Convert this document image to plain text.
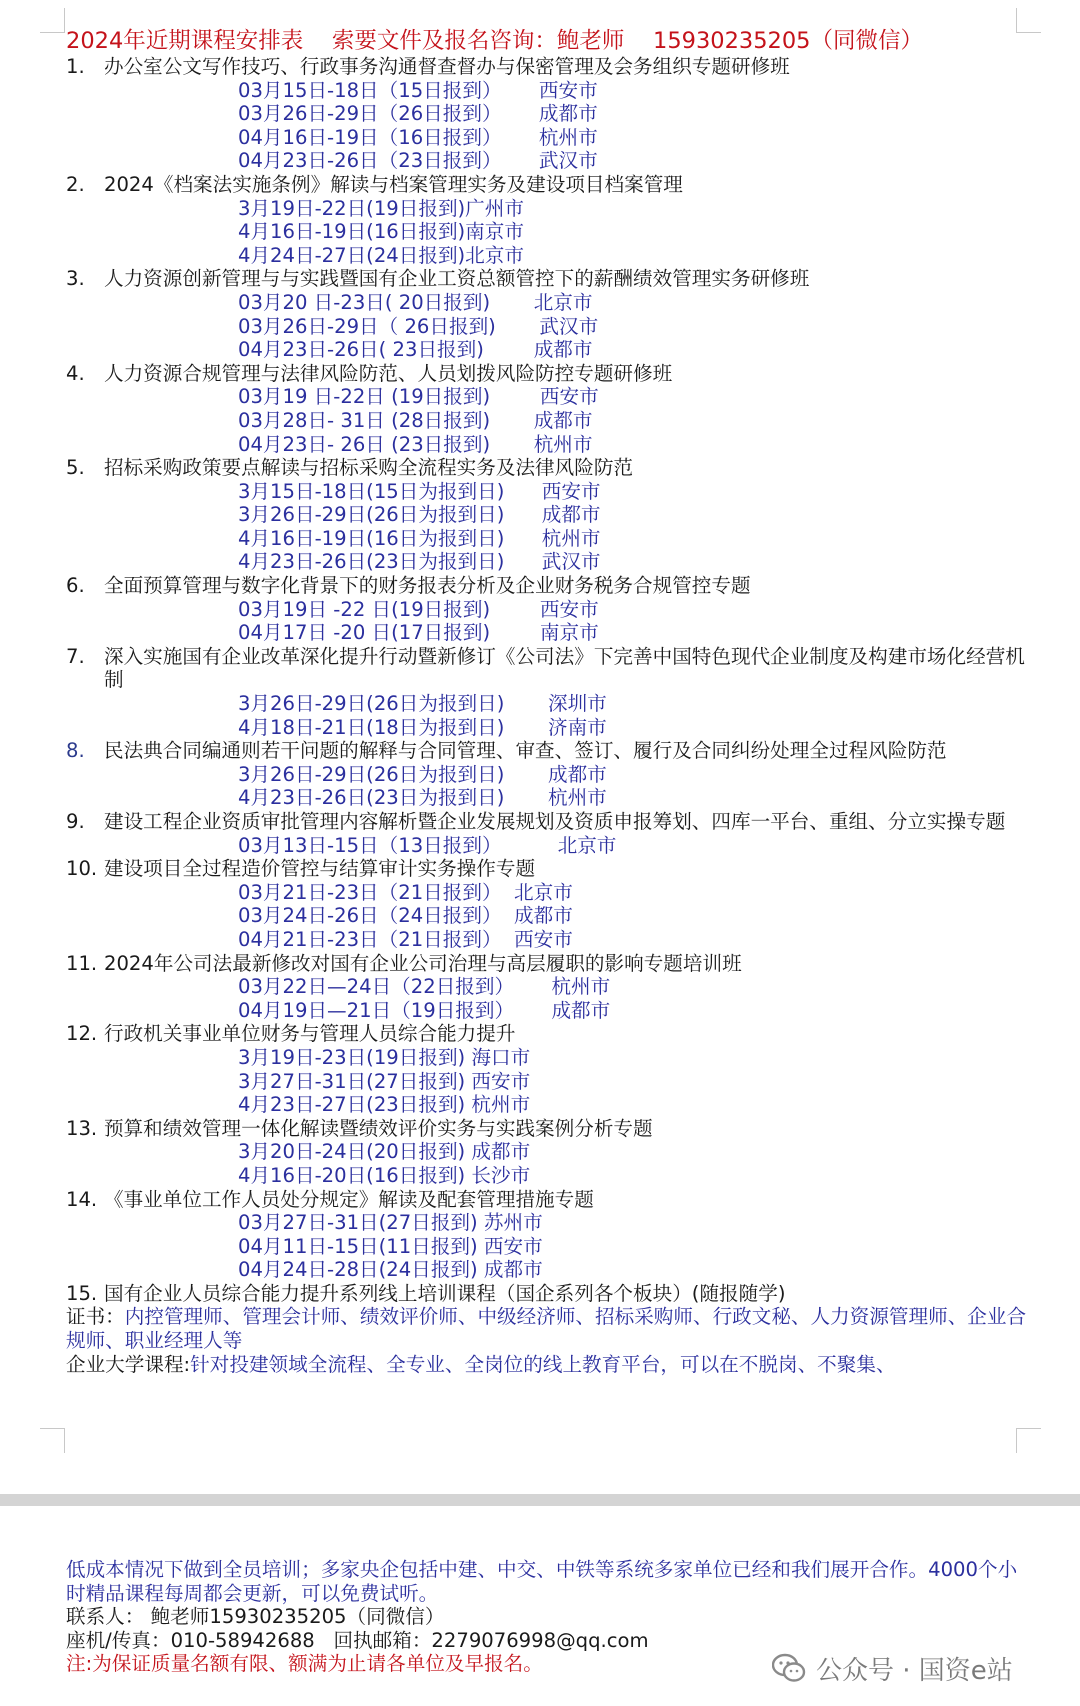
2024年近期课程安排表 索要文件及报名咨询：鲍老师 15930235205（同微信）
1. 办公室公文写作技巧、行政事务沟通督查督办与保密管理及会务组织专题研修班
03月15日-18日（15日报到）      西安市
03月26日-29日（26日报到）      成都市
04月16日-19日（16日报到）      杭州市
04月23日-26日（23日报到）      武汉市
2. 2024《档案法实施条例》解读与档案管理实务及建设项目档案管理
3月19日-22日(19日报到)广州市
4月16日-19日(16日报到)南京市
4月24日-27日(24日报到)北京市
3. 人力资源创新管理与与实践暨国有企业工资总额管控下的薪酬绩效管理实务研修班
03月20 日-23日( 20日报到)       北京市
03月26日-29日（ 26日报到)       武汉市
04月23日-26日( 23日报到)        成都市
4. 人力资源合规管理与法律风险防范、人员划拨风险防控专题研修班
03月19 日-22日 (19日报到)        西安市
03月28日- 31日 (28日报到)       成都市
04月23日- 26日 (23日报到)       杭州市
5. 招标采购政策要点解读与招标采购全流程实务及法律风险防范
3月15日-18日(15日为报到日)      西安市
3月26日-29日(26日为报到日)      成都市
4月16日-19日(16日为报到日)      杭州市
4月23日-26日(23日为报到日)      武汉市
6. 全面预算管理与数字化背景下的财务报表分析及企业财务税务合规管控专题
03月19日 -22 日(19日报到)        西安市
04月17日 -20 日(17日报到)        南京市
7. 深入实施国有企业改革深化提升行动暨新修订《公司法》下完善中国特色现代企业制度及构建市场化经营机制
3月26日-29日(26日为报到日)       深圳市
4月18日-21日(18日为报到日)       济南市
8. 民法典合同编通则若干问题的解释与合同管理、审查、签订、履行及合同纠纷处理全过程风险防范
3月26日-29日(26日为报到日)       成都市
4月23日-26日(23日为报到日)       杭州市
9. 建设工程企业资质审批管理内容解析暨企业发展规划及资质申报筹划、四库一平台、重组、分立实操专题
03月13日-15日（13日报到）         北京市
10. 建设项目全过程造价管控与结算审计实务操作专题
03月21日-23日（21日报到）  北京市
03月24日-26日（24日报到）  成都市
04月21日-23日（21日报到）  西安市
11. 2024年公司法最新修改对国有企业公司治理与高层履职的影响专题培训班
03月22日—24日（22日报到）      杭州市
04月19日—21日（19日报到）      成都市
12. 行政机关事业单位财务与管理人员综合能力提升
3月19日-23日(19日报到) 海口市
3月27日-31日(27日报到) 西安市
4月23日-27日(23日报到) 杭州市
13. 预算和绩效管理一体化解读暨绩效评价实务与实践案例分析专题
3月20日-24日(20日报到) 成都市
4月16日-20日(16日报到) 长沙市
14. 《事业单位工作人员处分规定》解读及配套管理措施专题
03月27日-31日(27日报到) 苏州市
04月11日-15日(11日报到) 西安市
04月24日-28日(24日报到) 成都市
15. 国有企业人员综合能力提升系列线上培训课程（国企系列各个板块）(随报随学)
证书：内控管理师、管理会计师、绩效评价师、中级经济师、招标采购师、行政文秘、人力资源管理师、企业合规师、职业经理人等
企业大学课程:针对投建领域全流程、全专业、全岗位的线上教育平台，可以在不脱岗、不聚集、
低成本情况下做到全员培训；多家央企包括中建、中交、中铁等系统多家单位已经和我们展开合作。4000个小时精品课程每周都会更新，可以免费试听。
联系人： 鲍老师15930235205（同微信）
座机/传真：010-58942688   回执邮箱：2279076998@qq.com
注:为保证质量名额有限、额满为止请各单位及早报名。	公众号 · 国资e站
